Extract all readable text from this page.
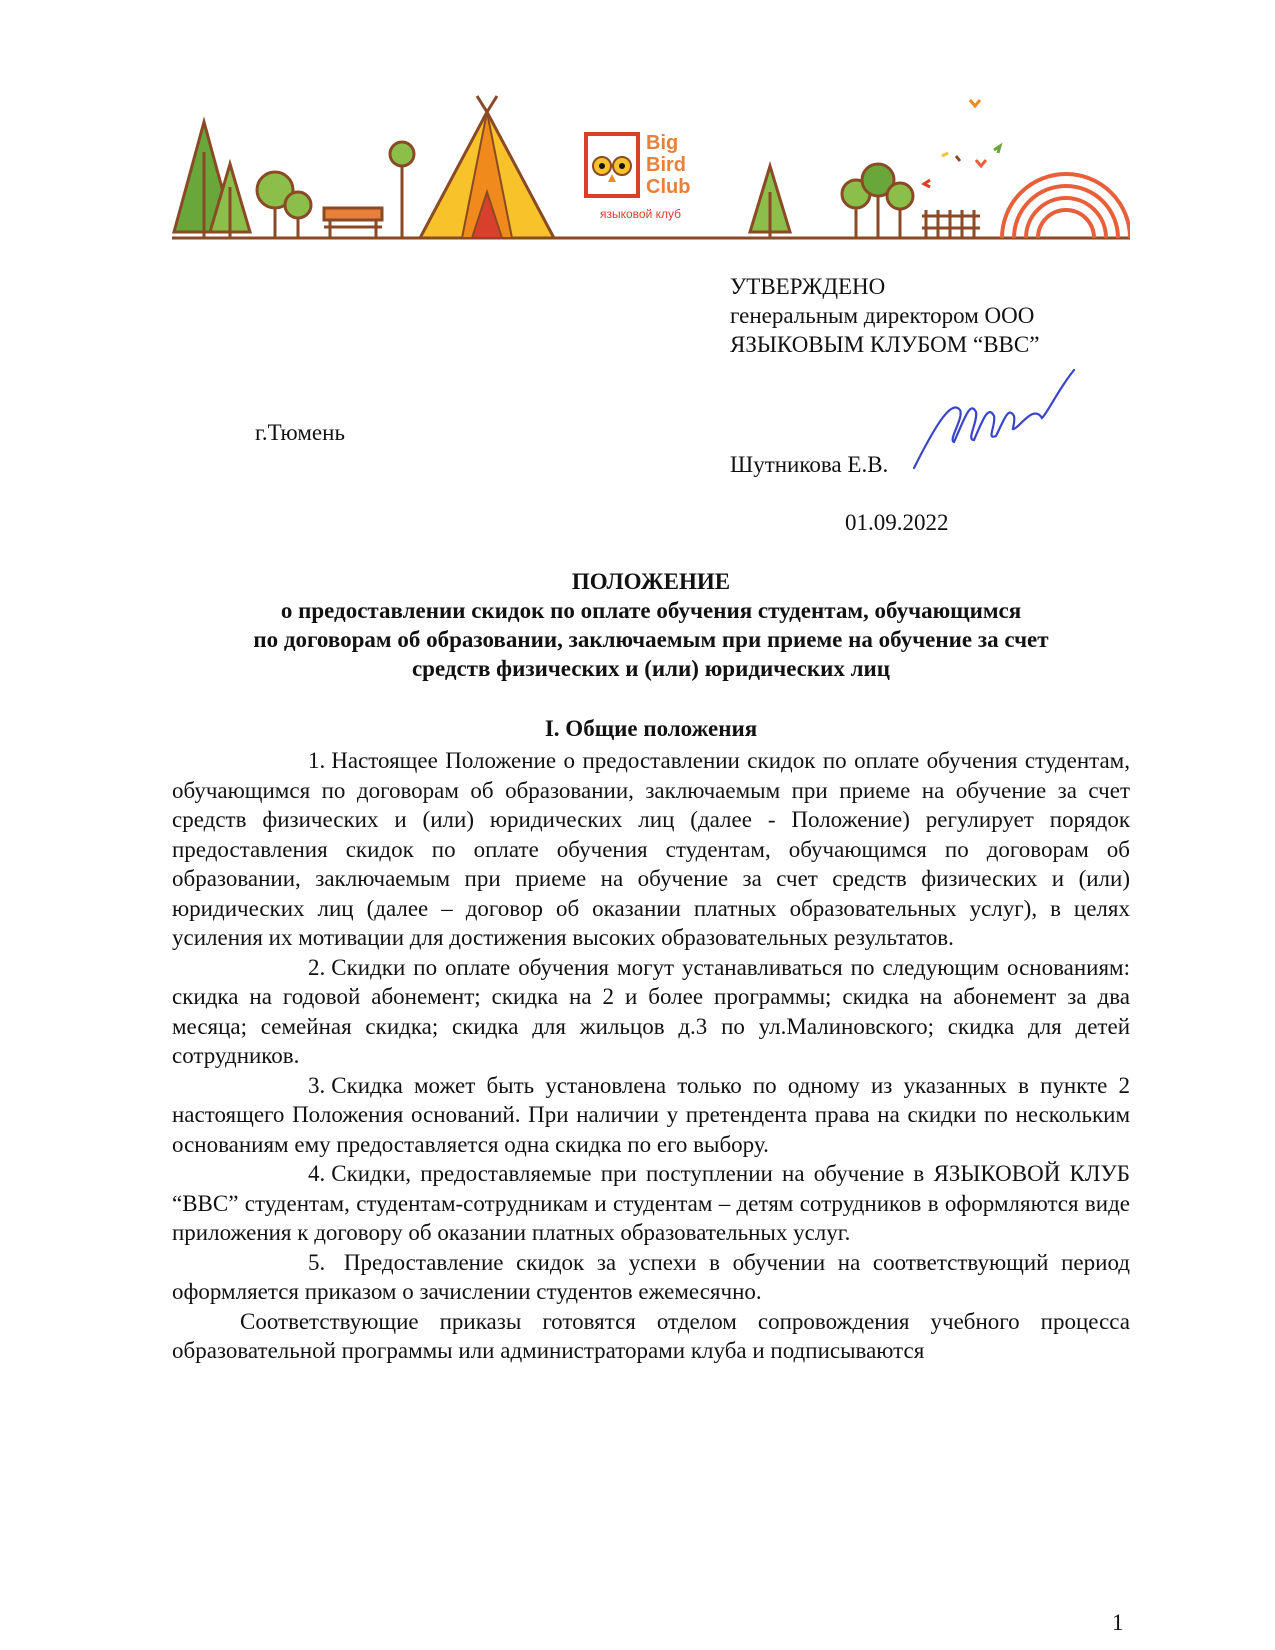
Big
Bird
Club
языковой клуб
УТВЕРЖДЕНО
генеральным директором ООО
ЯЗЫКОВЫМ КЛУБОМ “ВВС”
г.Тюмень
Шутникова Е.В.
01.09.2022
ПОЛОЖЕНИЕ
о предоставлении скидок по оплате обучения студентам, обучающимся
по договорам об образовании, заключаемым при приеме на обучение за счет
средств физических и (или) юридических лиц
I. Общие положения

1. Настоящее Положение о предоставлении скидок по оплате обучения студентам, обучающимся по договорам об образовании, заключаемым при приеме на обучение за счет средств физических и (или) юридических лиц (далее - Положение) регулирует порядок предоставления скидок по оплате обучения студентам, обучающимся по договорам об образовании, заключаемым при приеме на обучение за счет средств физических и (или) юридических лиц (далее – договор об оказании платных образовательных услуг), в целях усиления их мотивации для достижения высоких образовательных результатов.

2. Скидки по оплате обучения могут устанавливаться по следующим основаниям: скидка на годовой абонемент; скидка на 2 и более программы; скидка на абонемент за два месяца; семейная скидка; скидка для жильцов д.3 по ул.Малиновского; скидка для детей сотрудников.

3. Скидка может быть установлена только по одному из указанных в пункте 2 настоящего Положения оснований. При наличии у претендента права на скидки по нескольким основаниям ему предоставляется одна скидка по его выбору.

4. Скидки, предоставляемые при поступлении на обучение в ЯЗЫКОВОЙ КЛУБ “ВВС” студентам, студентам-сотрудникам и студентам – детям сотрудников в оформляются виде приложения к договору об оказании платных образовательных услуг.

5. Предоставление скидок за успехи в обучении на соответствующий период оформляется приказом о зачислении студентов ежемесячно.

Соответствующие приказы готовятся отделом сопровождения учебного процесса образовательной программы или администраторами клуба и подписываются

1
